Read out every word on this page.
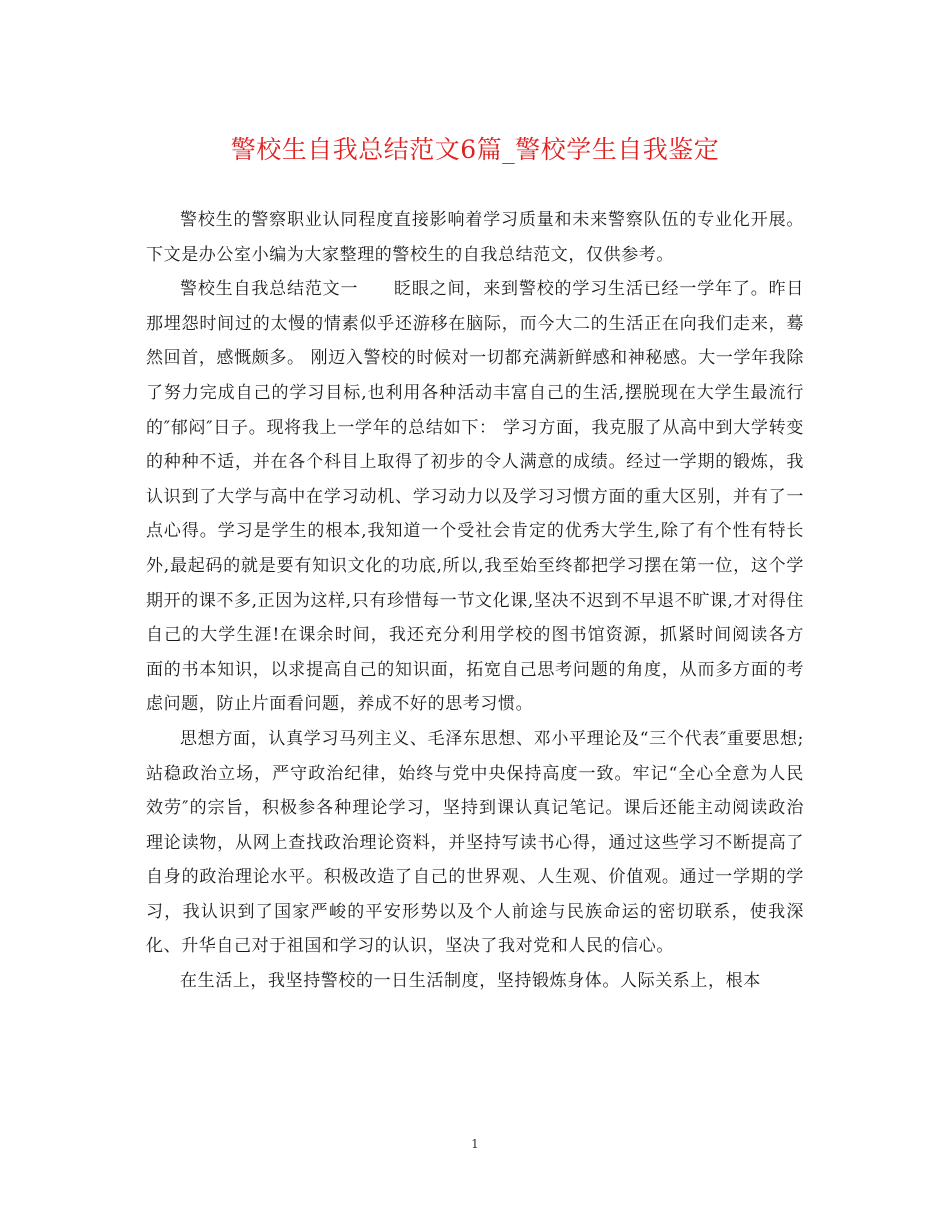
警校生自我总结范文6篇_警校学生自我鉴定

警校生的警察职业认同程度直接影响着学习质量和未来警察队伍的专业化开展。下文是办公室小编为大家整理的警校生的自我总结范文，仅供参考。

警校生自我总结范文一　　眨眼之间，来到警校的学习生活已经一学年了。昨日那埋怨时间过的太慢的情素似乎还游移在脑际，而今大二的生活正在向我们走来，蓦然回首，感慨颇多。 刚迈入警校的时候对一切都充满新鲜感和神秘感。大一学年我除了努力完成自己的学习目标,也利用各种活动丰富自己的生活,摆脱现在大学生最流行的″郁闷″日子。现将我上一学年的总结如下： 学习方面，我克服了从高中到大学转变的种种不适，并在各个科目上取得了初步的令人满意的成绩。经过一学期的锻炼，我认识到了大学与高中在学习动机、学习动力以及学习习惯方面的重大区别，并有了一点心得。学习是学生的根本,我知道一个受社会肯定的优秀大学生,除了有个性有特长外,最起码的就是要有知识文化的功底,所以,我至始至终都把学习摆在第一位，这个学期开的课不多,正因为这样,只有珍惜每一节文化课,坚决不迟到不早退不旷课,才对得住自己的大学生涯!在课余时间，我还充分利用学校的图书馆资源，抓紧时间阅读各方面的书本知识，以求提高自己的知识面，拓宽自己思考问题的角度，从而多方面的考虑问题，防止片面看问题，养成不好的思考习惯。

思想方面，认真学习马列主义、毛泽东思想、邓小平理论及“三个代表″重要思想;站稳政治立场，严守政治纪律，始终与党中央保持高度一致。牢记“全心全意为人民效劳″的宗旨，积极参各种理论学习，坚持到课认真记笔记。课后还能主动阅读政治理论读物，从网上查找政治理论资料，并坚持写读书心得，通过这些学习不断提高了自身的政治理论水平。积极改造了自己的世界观、人生观、价值观。通过一学期的学习，我认识到了国家严峻的平安形势以及个人前途与民族命运的密切联系，使我深化、升华自己对于祖国和学习的认识，坚决了我对党和人民的信心。

在生活上，我坚持警校的一日生活制度，坚持锻炼身体。人际关系上，根本

1
